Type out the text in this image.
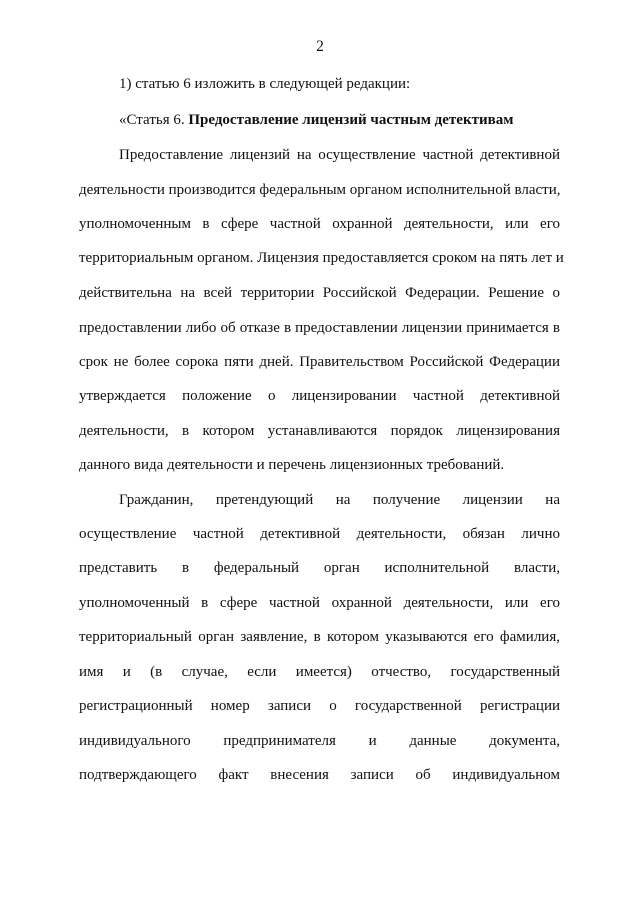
2
1) статью 6 изложить в следующей редакции:
«Статья 6. Предоставление лицензий частным детективам
Предоставление лицензий на осуществление частной детективной
деятельности производится федеральным органом исполнительной власти,
уполномоченным в сфере частной охранной деятельности, или его
территориальным органом. Лицензия предоставляется сроком на пять лет и
действительна на всей территории Российской Федерации. Решение о
предоставлении либо об отказе в предоставлении лицензии принимается в
срок не более сорока пяти дней. Правительством Российской Федерации
утверждается положение о лицензировании частной детективной
деятельности, в котором устанавливаются порядок лицензирования
данного вида деятельности и перечень лицензионных требований.
Гражданин, претендующий на получение лицензии на
осуществление частной детективной деятельности, обязан лично
представить в федеральный орган исполнительной власти,
уполномоченный в сфере частной охранной деятельности, или его
территориальный орган заявление, в котором указываются его фамилия,
имя и (в случае, если имеется) отчество, государственный
регистрационный номер записи о государственной регистрации
индивидуального предпринимателя и данные документа,
подтверждающего факт внесения записи об индивидуальном
